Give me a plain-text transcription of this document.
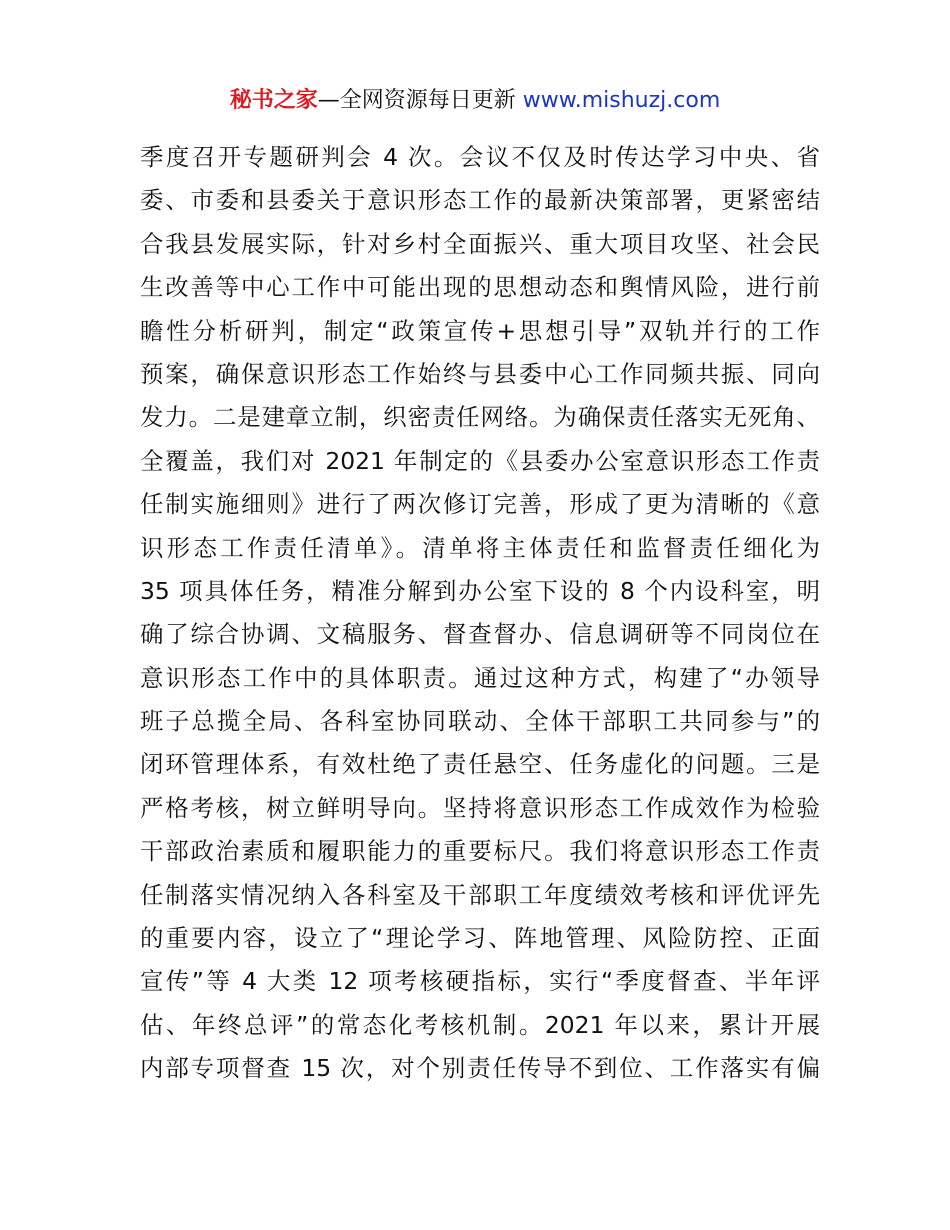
秘书之家—全网资源每日更新 www.mishuzj.com
季度召开专题研判会 4 次。会议不仅及时传达学习中央、省
委、市委和县委关于意识形态工作的最新决策部署，更紧密结
合我县发展实际，针对乡村全面振兴、重大项目攻坚、社会民
生改善等中心工作中可能出现的思想动态和舆情风险，进行前
瞻性分析研判，制定“政策宣传+思想引导”双轨并行的工作
预案，确保意识形态工作始终与县委中心工作同频共振、同向
发力。二是建章立制，织密责任网络。为确保责任落实无死角、
全覆盖，我们对 2021 年制定的《县委办公室意识形态工作责
任制实施细则》进行了两次修订完善，形成了更为清晰的《意
识形态工作责任清单》。清单将主体责任和监督责任细化为
35 项具体任务，精准分解到办公室下设的 8 个内设科室，明
确了综合协调、文稿服务、督查督办、信息调研等不同岗位在
意识形态工作中的具体职责。通过这种方式，构建了“办领导
班子总揽全局、各科室协同联动、全体干部职工共同参与”的
闭环管理体系，有效杜绝了责任悬空、任务虚化的问题。三是
严格考核，树立鲜明导向。坚持将意识形态工作成效作为检验
干部政治素质和履职能力的重要标尺。我们将意识形态工作责
任制落实情况纳入各科室及干部职工年度绩效考核和评优评先
的重要内容，设立了“理论学习、阵地管理、风险防控、正面
宣传”等 4 大类 12 项考核硬指标，实行“季度督查、半年评
估、年终总评”的常态化考核机制。2021 年以来，累计开展
内部专项督查 15 次，对个别责任传导不到位、工作落实有偏
